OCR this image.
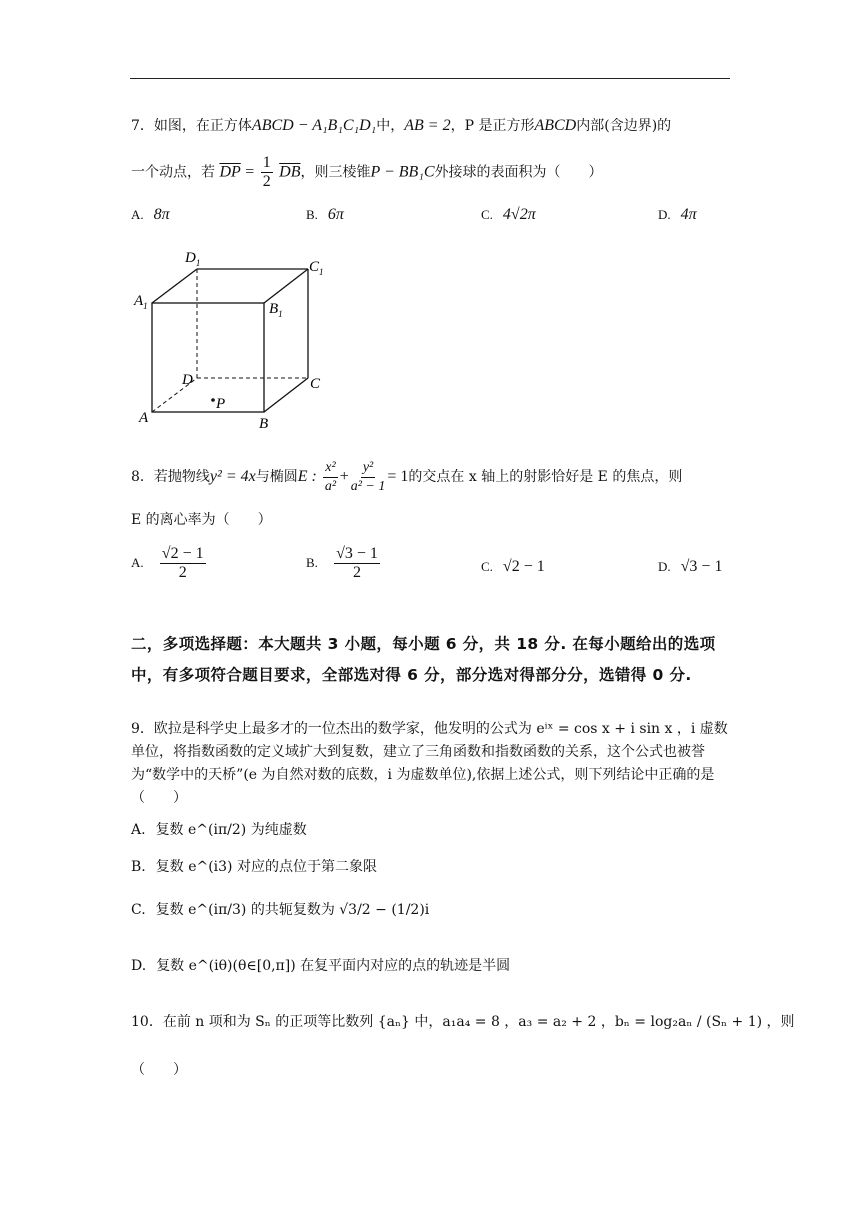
7．如图，在正方体ABCD − A₁B₁C₁D₁中，AB = 2，P 是正方形ABCD内部(含边界)的
一个动点，若 $\overline{DP} = \frac{1}{2} \overline{DB}$，则三棱锥P − BB₁C外接球的表面积为（　　）
A. 8π	B. 6π	C. 4√2π	D. 4π
$D_1$	$C_1$
$A_1$	$B_1$
D	C
A	B
P
8．若抛物线y² = 4x与椭圆E : $\frac{\text{x²}}{\text{a²}} + \frac{\text{y²}}{\text{a² − 1}} = 1$的交点在 x 轴上的射影恰好是 E 的焦点，则
E 的离心率为（　　）
A. $\frac{√2 - 1}{2}$	B. $\frac{√3 - 1}{2}$	C. √2 − 1	D. √3 − 1
二，多项选择题：本大题共 3 小题，每小题 6 分，共 18 分. 在每小题给出的选项中，有多项符合题目要求，全部选对得 6 分，部分选对得部分分，选错得 0 分.
9．欧拉是科学史上最多才的一位杰出的数学家，他发明的公式为 eⁱˣ = cos x + i sin x ，i 虚数单位，将指数函数的定义域扩大到复数，建立了三角函数和指数函数的关系，这个公式也被誉为“数学中的天桥”(e 为自然对数的底数，i 为虚数单位),依据上述公式，则下列结论中正确的是（　　）
A. 复数 e^(iπ/2) 为纯虚数
B. 复数 e^(i3) 对应的点位于第二象限
C. 复数 e^(iπ/3) 的共轭复数为 √3/2 − (1/2)i
D. 复数 e^(iθ)(θ∈[0,π]) 在复平面内对应的点的轨迹是半圆
10．在前 n 项和为 Sₙ 的正项等比数列 {aₙ} 中，a₁a₄ = 8 ，a₃ = a₂ + 2 ，bₙ = log₂aₙ / (Sₙ + 1) ，则
（　　）
